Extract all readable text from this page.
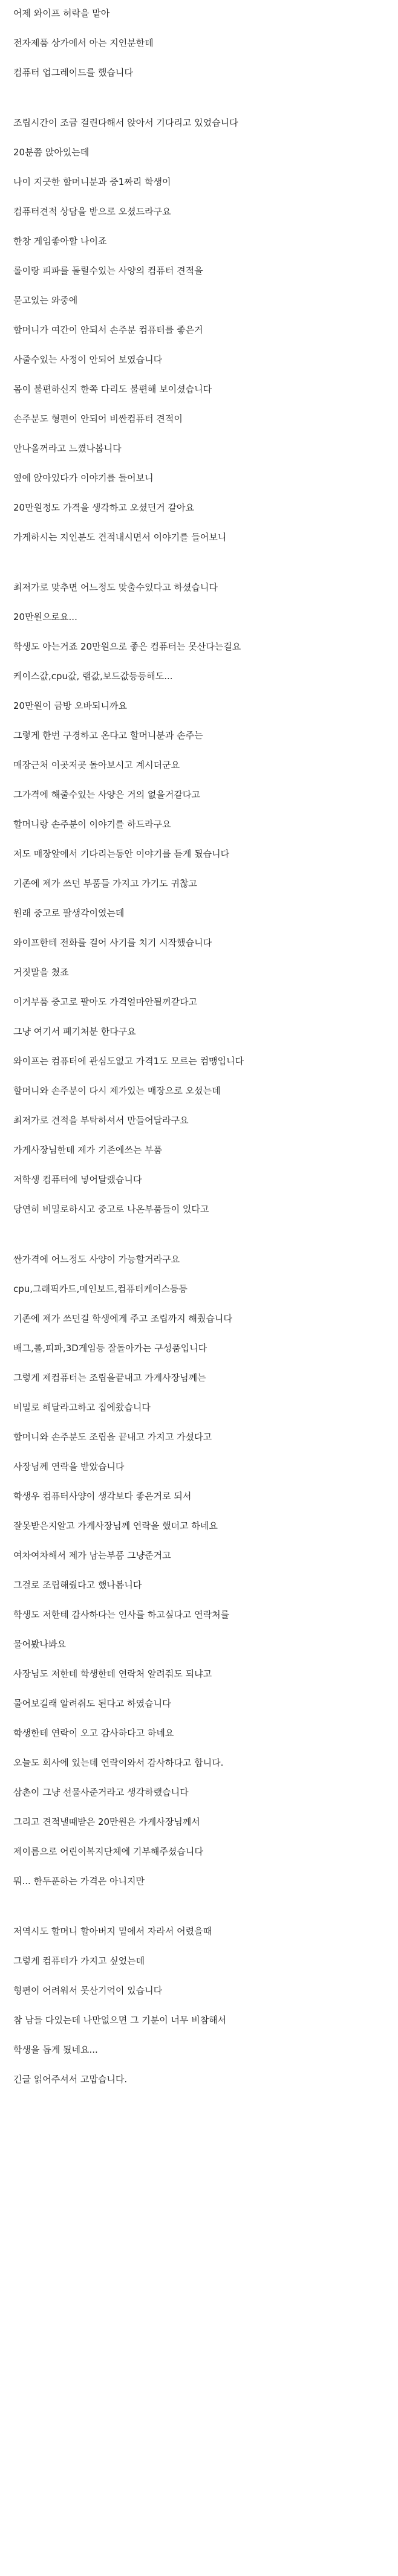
어제 와이프 허락을 맡아
전자제품 상가에서 아는 지인분한테
컴퓨터 업그레이드를 했습니다
조립시간이 조금 걸린다해서 앉아서 기다리고 있었습니다
20분쯤 앉아있는데
나이 지긋한 할머니분과 중1짜리 학생이
컴퓨터견적 상담을 받으로 오셨드라구요
한창 게임좋아할 나이죠
롤이랑 피파를 돌릴수있는 사양의 컴퓨터 견적을
묻고있는 와중에
할머니가 여간이 안되서 손주분 컴퓨터를 좋은거
사줄수있는 사정이 안되어 보였습니다
몸이 불편하신지 한쪽 다리도 불편해 보이셨습니다
손주분도 형편이 안되어 비싼컴퓨터 견적이
안나올꺼라고 느꼈나봅니다
옆에 앉아있다가 이야기를 들어보니
20만원정도 가격을 생각하고 오셨던거 같아요
가게하시는 지인분도 견적내시면서 이야기를 들어보니
최저가로 맞추면 어느정도 맞출수있다고 하셨습니다
20만원으로요...
학생도 아는거죠 20만원으로 좋은 컴퓨터는 못산다는걸요
케이스값,cpu값, 램값,보드값등등해도...
20만원이 금방 오바되니까요
그렇게 한번 구경하고 온다고 할머니분과 손주는
매장근처 이곳저곳 돌아보시고 계시더군요
그가격에 해줄수있는 사양은 거의 없을거같다고
할머니랑 손주분이 이야기를 하드라구요
저도 매장앞에서 기다리는동안 이야기를 듣게 됬습니다
기존에 제가 쓰던 부품들 가지고 가기도 귀찮고
원래 중고로 팔생각이였는데
와이프한테 전화를 걸어 사기를 치기 시작했습니다
거짓말을 쳤죠
이거부품 중고로 팔아도 가격얼마안될꺼같다고
그냥 여기서 폐기처분 한다구요
와이프는 컴퓨터에 관심도없고 가격1도 모르는 컴맹입니다
할머니와 손주분이 다시 제가있는 매장으로 오셨는데
최저가로 견적을 부탁하셔서 만들어달라구요
가게사장님한테 제가 기존에쓰는 부품
저학생 컴퓨터에 넣어달랬습니다
당연히 비밀로하시고 중고로 나온부품들이 있다고
싼가격에 어느정도 사양이 가능할거라구요
cpu,그래픽카드,메인보드,컴퓨터케이스등등
기존에 제가 쓰던걸 학생에게 주고 조립까지 해줬습니다
배그,롤,피파,3D게임등 잘돌아가는 구성품입니다
그렇게 제컴퓨터는 조립을끝내고 가게사장님께는
비밀로 해달라고하고 집에왔습니다
할머니와 손주분도 조립을 끝내고 가지고 가셨다고
사장님께 연락을 받았습니다
학생우 컴퓨터사양이 생각보다 좋은거로 되서
잘못받은지알고 가게사장님께 연락을 했더고 하네요
여차여차해서 제가 남는부품 그냥준거고
그걸로 조립해줬다고 했나봅니다
학생도 저한테 감사하다는 인사를 하고싶다고 연락처를
물어봤나봐요
사장님도 저한테 학생한테 연락처 알려줘도 되냐고
물어보길래 알려줘도 된다고 하였습니다
학생한테 연락이 오고 감사하다고 하네요
오늘도 회사에 있는데 연락이와서 감사하다고 합니다.
삼촌이 그냥 선물사준거라고 생각하랬습니다
그리고 견적낼때받은 20만원은 가게사장님께서
제이름으로 어린이복지단체에 기부해주셨습니다
뭐... 한두푼하는 가격은 아니지만
저역시도 할머니 할아버지 밑에서 자라서 어렸을때
그렇게 컴퓨터가 가지고 싶었는데
형편이 어려워서 못산기억이 있습니다
참 남들 다있는데 나만없으면 그 기분이 너무 비참해서
학생을 돕게 됬네요...
긴글 읽어주셔서 고맙습니다.
